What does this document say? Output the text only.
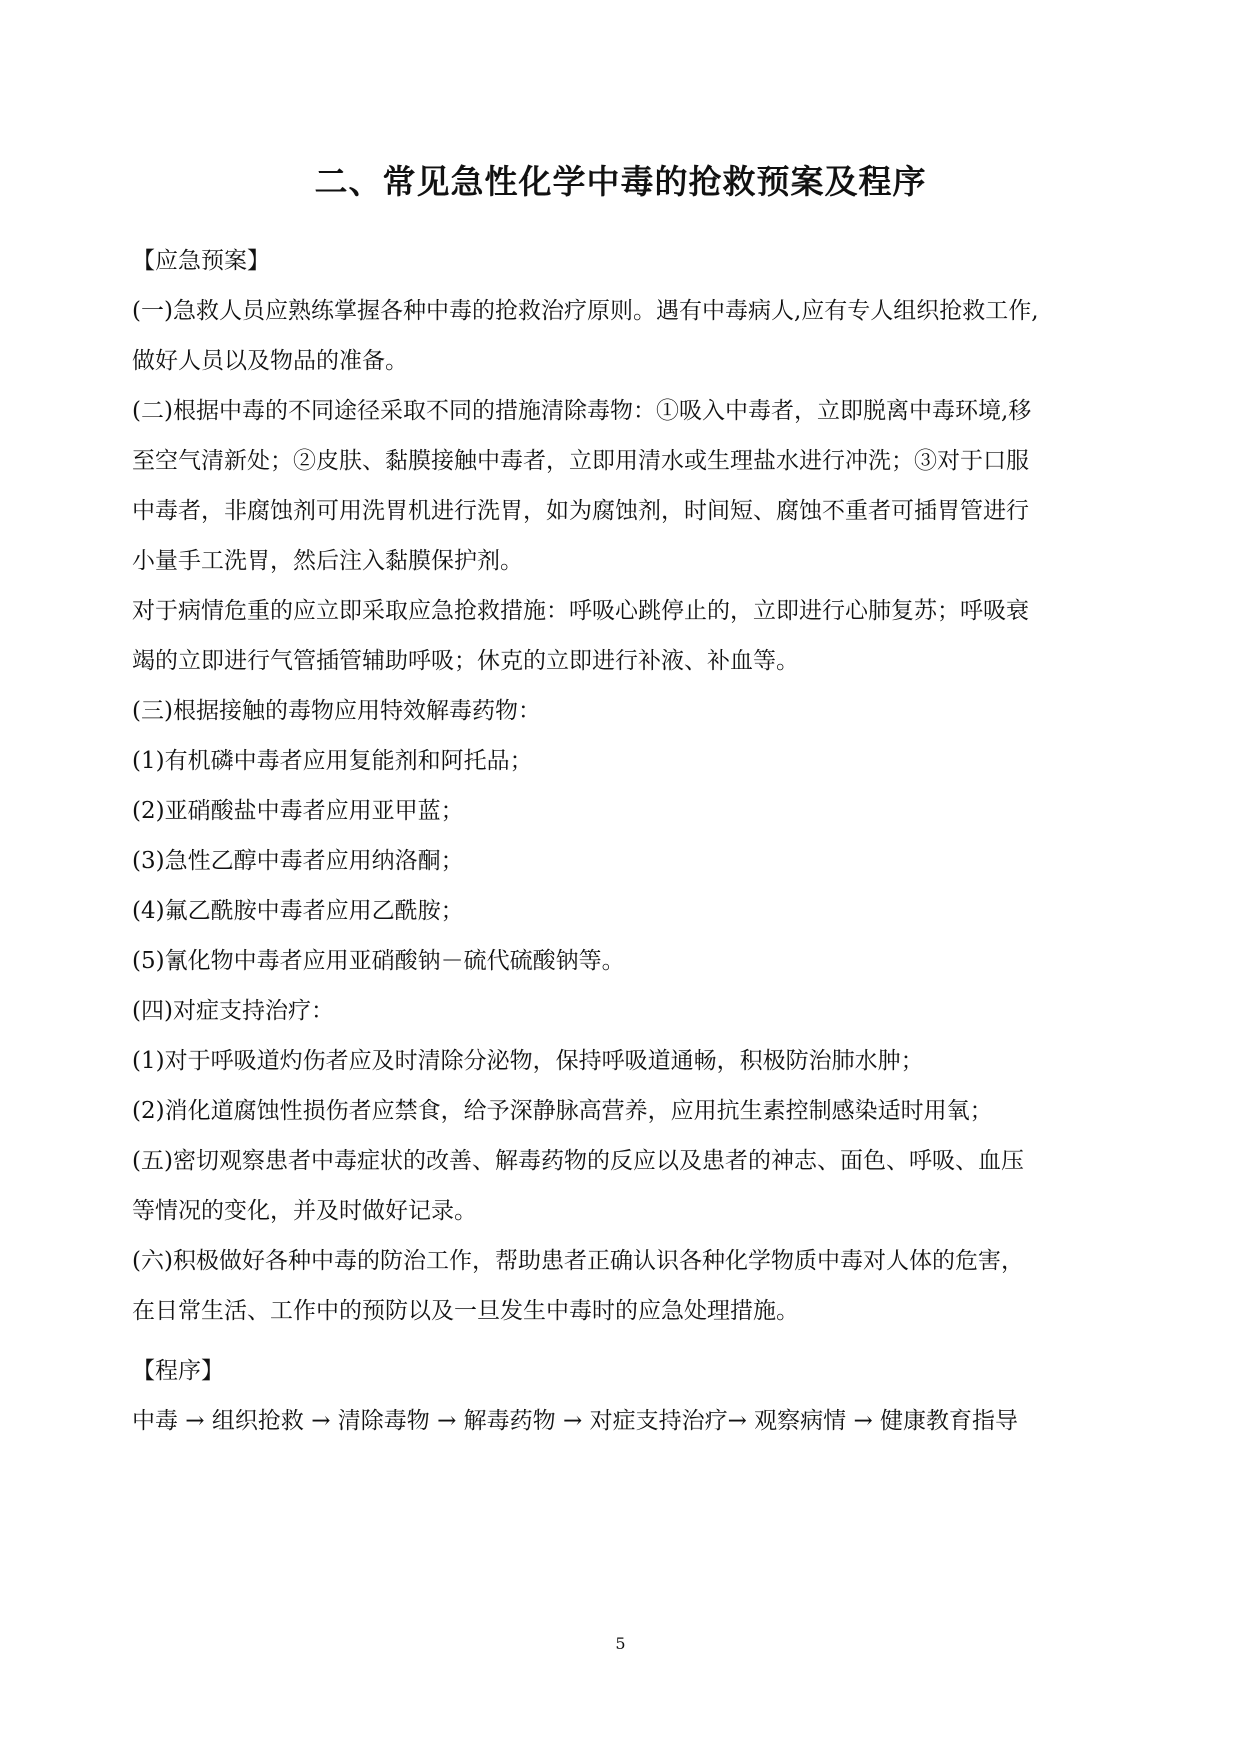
二、常见急性化学中毒的抢救预案及程序
【应急预案】
(一)急救人员应熟练掌握各种中毒的抢救治疗原则。遇有中毒病人,应有专人组织抢救工作,
做好人员以及物品的准备。
(二)根据中毒的不同途径采取不同的措施清除毒物：①吸入中毒者，立即脱离中毒环境,移
至空气清新处；②皮肤、黏膜接触中毒者，立即用清水或生理盐水进行冲洗；③对于口服
中毒者，非腐蚀剂可用洗胃机进行洗胃，如为腐蚀剂，时间短、腐蚀不重者可插胃管进行
小量手工洗胃，然后注入黏膜保护剂。
对于病情危重的应立即采取应急抢救措施：呼吸心跳停止的，立即进行心肺复苏；呼吸衰
竭的立即进行气管插管辅助呼吸；休克的立即进行补液、补血等。
(三)根据接触的毒物应用特效解毒药物：
(1)有机磷中毒者应用复能剂和阿托品；
(2)亚硝酸盐中毒者应用亚甲蓝；
(3)急性乙醇中毒者应用纳洛酮；
(4)氟乙酰胺中毒者应用乙酰胺；
(5)氰化物中毒者应用亚硝酸钠－硫代硫酸钠等。
(四)对症支持治疗：
(1)对于呼吸道灼伤者应及时清除分泌物，保持呼吸道通畅，积极防治肺水肿；
(2)消化道腐蚀性损伤者应禁食，给予深静脉高营养，应用抗生素控制感染适时用氧；
(五)密切观察患者中毒症状的改善、解毒药物的反应以及患者的神志、面色、呼吸、血压
等情况的变化，并及时做好记录。
(六)积极做好各种中毒的防治工作，帮助患者正确认识各种化学物质中毒对人体的危害，
在日常生活、工作中的预防以及一旦发生中毒时的应急处理措施。
【程序】
中毒 → 组织抢救 → 清除毒物 → 解毒药物 → 对症支持治疗→ 观察病情 → 健康教育指导
5
